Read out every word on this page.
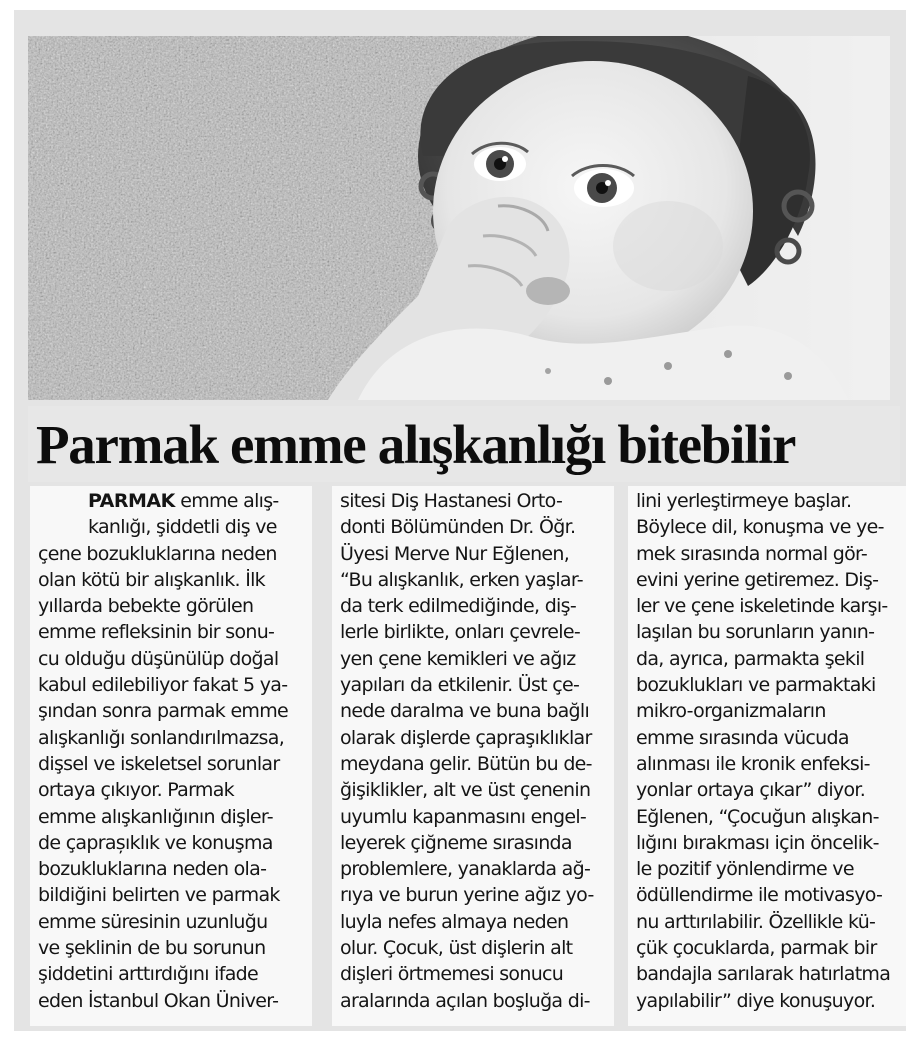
Parmak emme alışkanlığı bitebilir
PARMAK emme alış-
kanlığı, şiddetli diş ve
çene bozukluklarına neden
olan kötü bir alışkanlık. İlk
yıllarda bebekte görülen
emme refleksinin bir sonu-
cu olduğu düşünülüp doğal
kabul edilebiliyor fakat 5 ya-
şından sonra parmak emme
alışkanlığı sonlandırılmazsa,
dişsel ve iskeletsel sorunlar
ortaya çıkıyor. Parmak
emme alışkanlığının dişler-
de çaprașıklık ve konuşma
bozukluklarına neden ola-
bildiğini belirten ve parmak
emme süresinin uzunluğu
ve şeklinin de bu sorunun
şiddetini arttırdığını ifade
eden İstanbul Okan Üniver-
sitesi Diş Hastanesi Orto-
donti Bölümünden Dr. Öğr.
Üyesi Merve Nur Eğlenen,
“Bu alışkanlık, erken yaşlar-
da terk edilmediğinde, diş-
lerle birlikte, onları çevrele-
yen çene kemikleri ve ağız
yapıları da etkilenir. Üst çe-
nede daralma ve buna bağlı
olarak dişlerde çapraşıklıklar
meydana gelir. Bütün bu de-
ğişiklikler, alt ve üst çenenin
uyumlu kapanmasını engel-
leyerek çiğneme sırasında
problemlere, yanaklarda ağ-
rıya ve burun yerine ağız yo-
luyla nefes almaya neden
olur. Çocuk, üst dişlerin alt
dişleri örtmemesi sonucu
aralarında açılan boşluğa di-
lini yerleştirmeye başlar.
Böylece dil, konuşma ve ye-
mek sırasında normal gör-
evini yerine getiremez. Diş-
ler ve çene iskeletinde karşı-
laşılan bu sorunların yanın-
da, ayrıca, parmakta şekil
bozuklukları ve parmaktaki
mikro-organizmaların
emme sırasında vücuda
alınması ile kronik enfeksi-
yonlar ortaya çıkar” diyor.
Eğlenen, “Çocuğun alışkan-
lığını bırakması için öncelik-
le pozitif yönlendirme ve
ödüllendirme ile motivasyo-
nu arttırılabilir. Özellikle kü-
çük çocuklarda, parmak bir
bandajla sarılarak hatırlatma
yapılabilir” diye konuşuyor.
